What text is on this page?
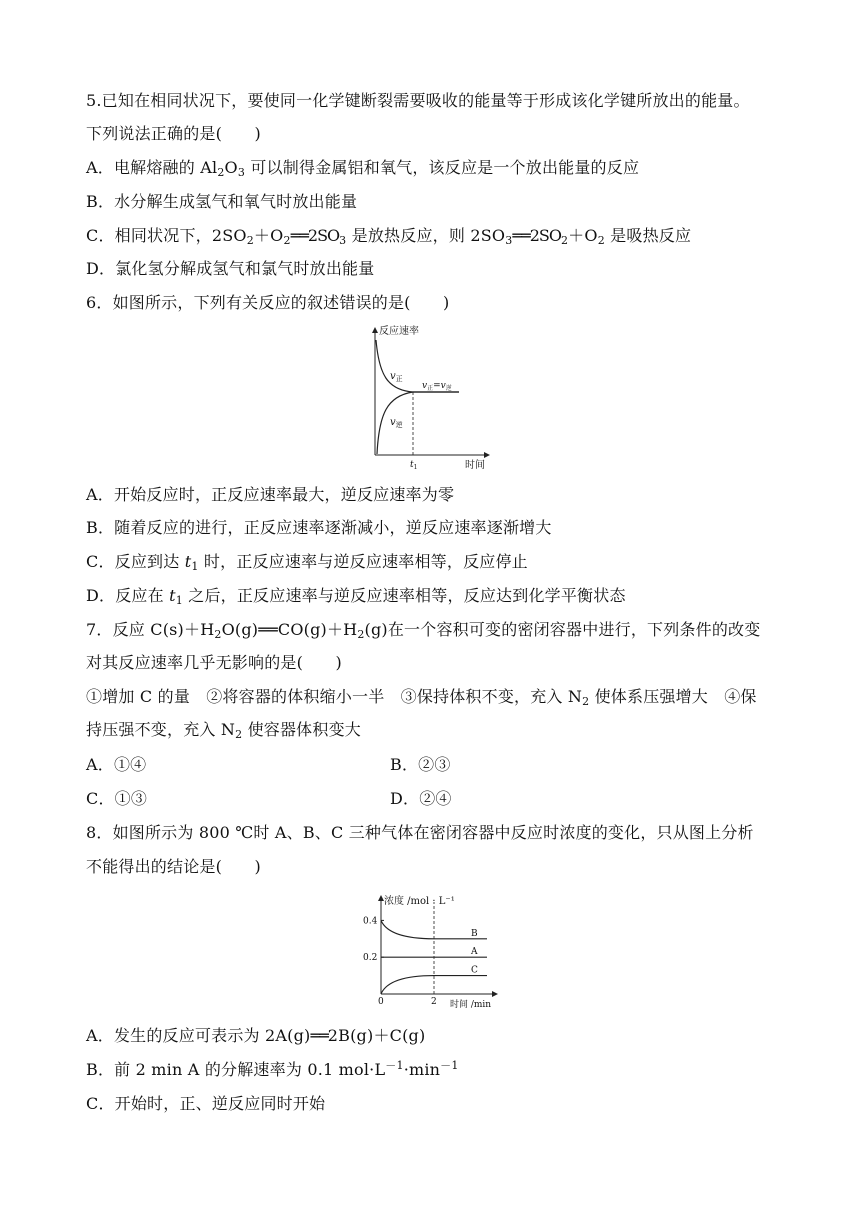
5.已知在相同状况下，要使同一化学键断裂需要吸收的能量等于形成该化学键所放出的能量。
下列说法正确的是(　　)
A．电解熔融的 $Al_2O_3$ 可以制得金属铝和氧气，该反应是一个放出能量的反应
B．水分解生成氢气和氧气时放出能量
C．相同状况下，$2SO_2+O_2══2SO_3$ 是放热反应，则 $2SO_3══2SO_2+O_2$ 是吸热反应
D．氯化氢分解成氢气和氯气时放出能量
6．如图所示，下列有关反应的叙述错误的是(　　)
反应速率
时间
$v_正$
$v_逆$
$v_正=v_逆$
$t_1$
A．开始反应时，正反应速率最大，逆反应速率为零
B．随着反应的进行，正反应速率逐渐减小，逆反应速率逐渐增大
C．反应到达 $t_1$ 时，正反应速率与逆反应速率相等，反应停止
D．反应在 $t_1$ 之后，正反应速率与逆反应速率相等，反应达到化学平衡状态
7．反应 $C(s)+H_2O(g)══CO(g)+H_2(g)$在一个容积可变的密闭容器中进行，下列条件的改变
对其反应速率几乎无影响的是(　　)
①增加 C 的量　②将容器的体积缩小一半　③保持体积不变，充入 $N_2$ 使体系压强增大　④保
持压强不变，充入 $N_2$ 使容器体积变大
A．①④	B．②③
C．①③	D．②④
8．如图所示为 800 ℃时 A、B、C 三种气体在密闭容器中反应时浓度的变化，只从图上分析
不能得出的结论是(　　)
浓度 /mol · L⁻¹
时间 /min
0.2
0.4
0	2
B
A
C
A．发生的反应可表示为 2A(g)══2B(g)＋C(g)
B．前 2 min A 的分解速率为 0.1 $mol\cdot L^{-1}\cdot\min^{-1}$
C．开始时，正、逆反应同时开始
